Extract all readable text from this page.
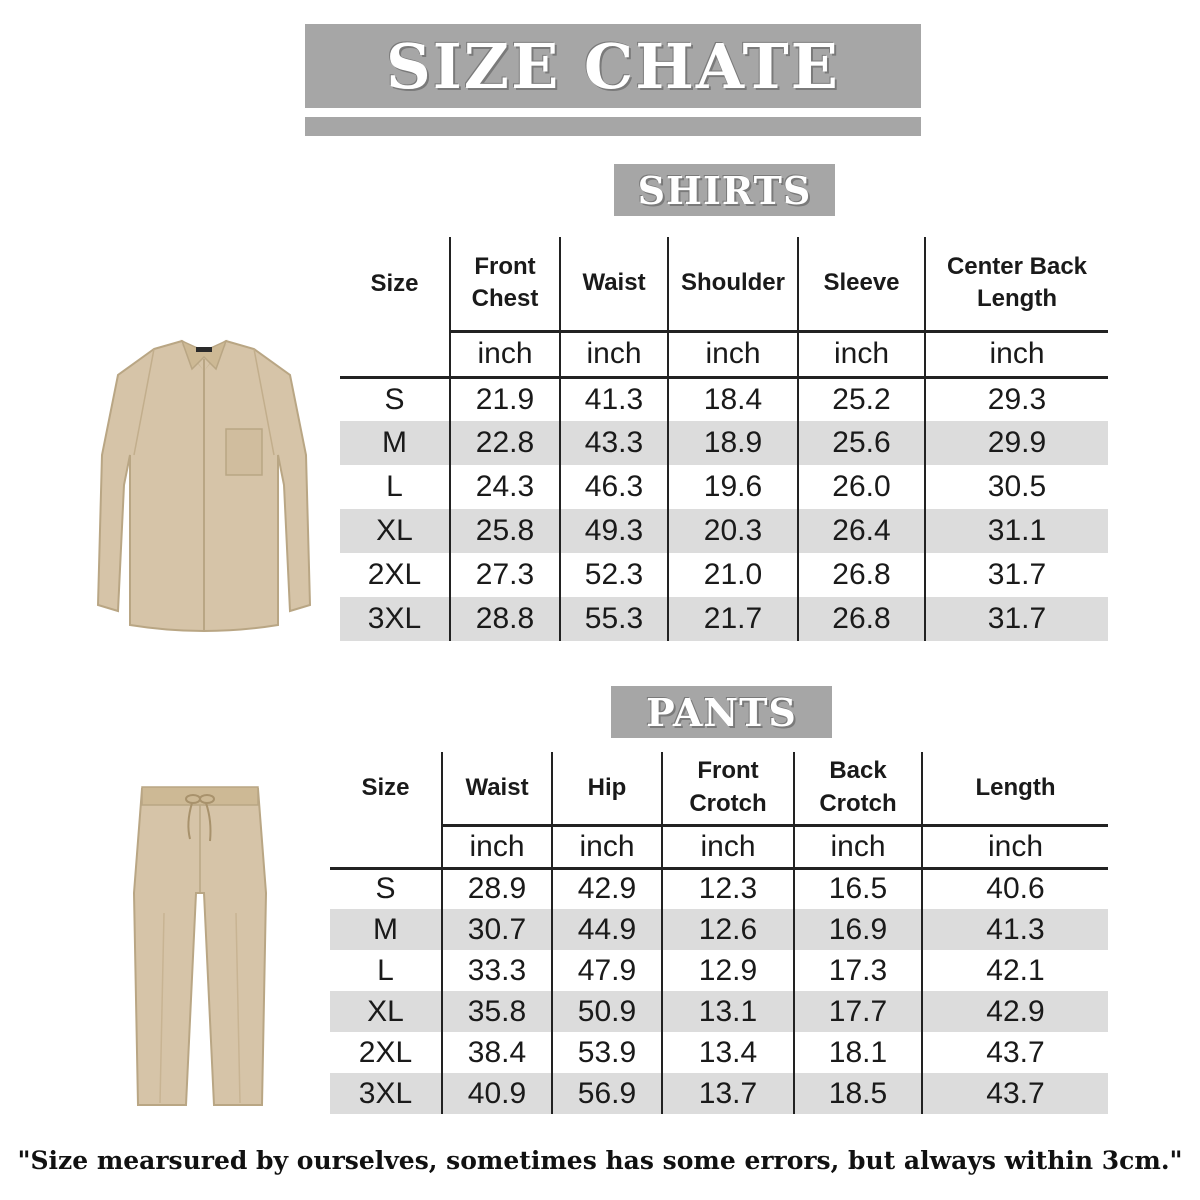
SIZE CHATE
SHIRTS
Size	Front Chest	Waist	Shoulder	Sleeve	Center Back Length
	inch	inch	inch	inch	inch
S	21.9	41.3	18.4	25.2	29.3
M	22.8	43.3	18.9	25.6	29.9
L	24.3	46.3	19.6	26.0	30.5
XL	25.8	49.3	20.3	26.4	31.1
2XL	27.3	52.3	21.0	26.8	31.7
3XL	28.8	55.3	21.7	26.8	31.7
PANTS
Size	Waist	Hip	Front Crotch	Back Crotch	Length
	inch	inch	inch	inch	inch
S	28.9	42.9	12.3	16.5	40.6
M	30.7	44.9	12.6	16.9	41.3
L	33.3	47.9	12.9	17.3	42.1
XL	35.8	50.9	13.1	17.7	42.9
2XL	38.4	53.9	13.4	18.1	43.7
3XL	40.9	56.9	13.7	18.5	43.7
"Size mearsured by ourselves, sometimes has some errors, but always within 3cm."
